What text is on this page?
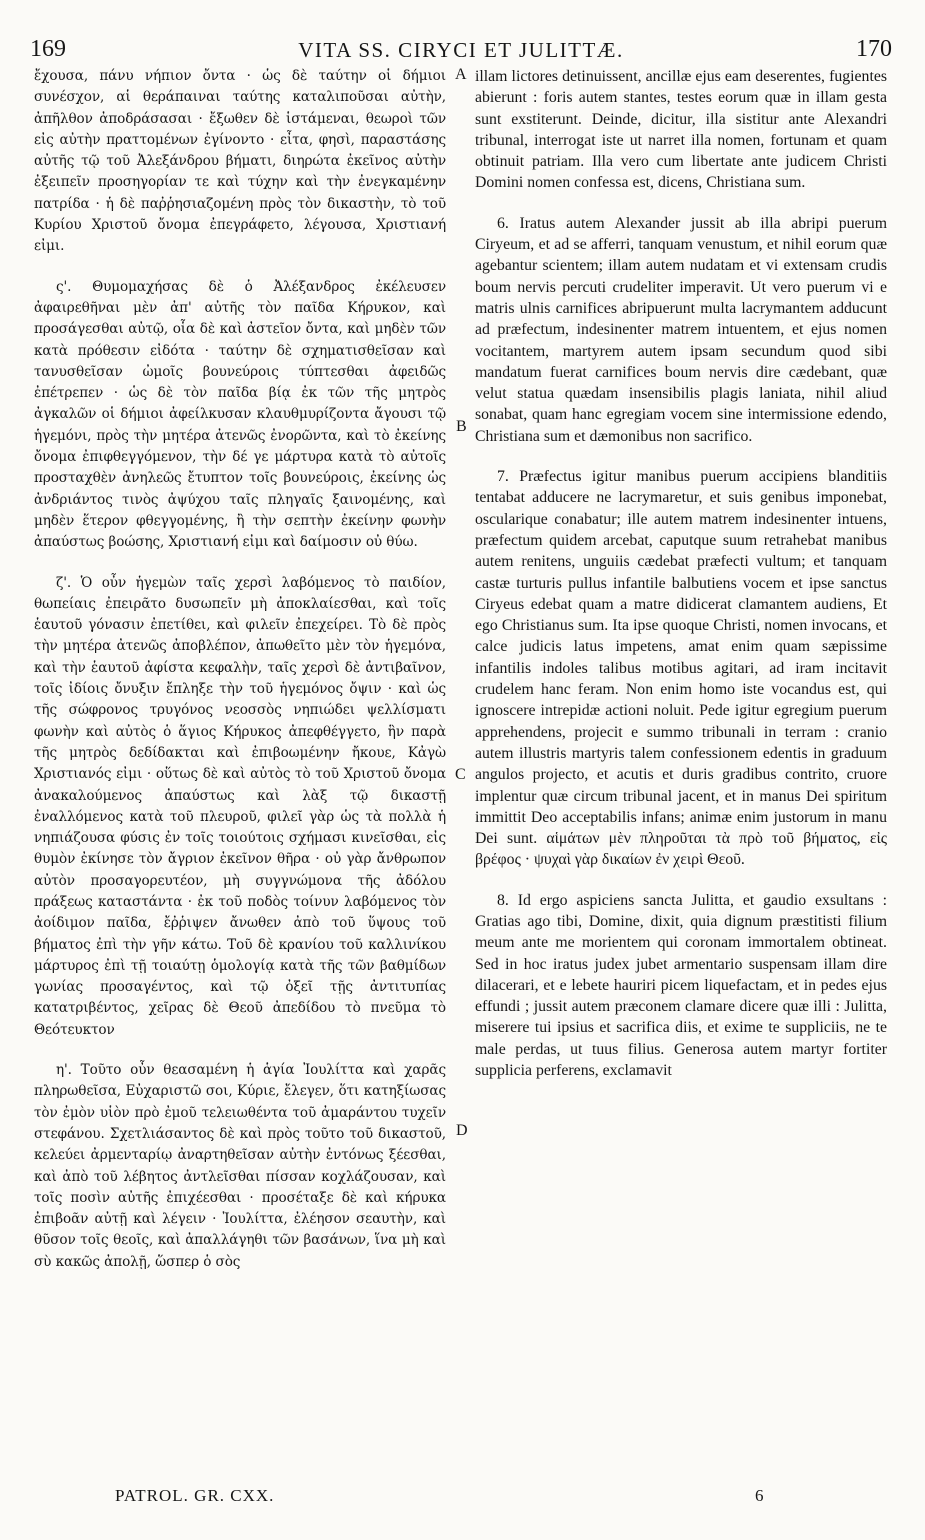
169	VITA SS. CIRYCI ET JULITTÆ.	170

ἔχουσα, πάνυ νήπιον ὄντα · ὡς δὲ ταύτην οἱ δήμιοι συνέσχον, αἱ θεράπαιναι ταύτης καταλιποῦσαι αὐτὴν, ἀπῆλθον ἀποδράσασαι · ἔξωθεν δὲ ἱστάμεναι, θεωροὶ τῶν εἰς αὐτὴν πραττομένων ἐγίνοντο · εἶτα, φησὶ, παραστάσης αὐτῆς τῷ τοῦ Ἀλεξάνδρου βήματι, διηρώτα ἐκεῖνος αὐτὴν ἐξειπεῖν προσηγορίαν τε καὶ τύχην καὶ τὴν ἐνεγκαμένην πατρίδα · ἡ δὲ παῤῥησιαζομένη πρὸς τὸν δικαστὴν, τὸ τοῦ Κυρίου Χριστοῦ ὄνομα ἐπεγράφετο, λέγουσα, Χριστιανή εἰμι.

ς'. Θυμομαχήσας δὲ ὁ Ἀλέξανδρος ἐκέλευσεν ἀφαιρεθῆναι μὲν ἀπ' αὐτῆς τὸν παῖδα Κήρυκον, καὶ προσάγεσθαι αὐτῷ, οἷα δὲ καὶ ἀστεῖον ὄντα, καὶ μηδὲν τῶν κατὰ πρόθεσιν εἰδότα · ταύτην δὲ σχηματισθεῖσαν καὶ τανυσθεῖσαν ὠμοῖς βουνεύροις τύπτεσθαι ἀφειδῶς ἐπέτρεπεν · ὡς δὲ τὸν παῖδα βίᾳ ἐκ τῶν τῆς μητρὸς ἀγκαλῶν οἱ δήμιοι ἀφείλκυσαν κλαυθμυρίζοντα ἄγουσι τῷ ἡγεμόνι, πρὸς τὴν μητέρα ἀτενῶς ἐνορῶντα, καὶ τὸ ἐκείνης ὄνομα ἐπιφθεγγόμενον, τὴν δέ γε μάρτυρα κατὰ τὸ αὐτοῖς προσταχθὲν ἀνηλεῶς ἔτυπτον τοῖς βουνεύροις, ἐκείνης ὡς ἀνδριάντος τινὸς ἀψύχου ταῖς πληγαῖς ξαινομένης, καὶ μηδὲν ἕτερον φθεγγομένης, ἢ τὴν σεπτὴν ἐκείνην φωνὴν ἀπαύστως βοώσης, Χριστιανή εἰμι καὶ δαίμοσιν οὐ θύω.

ζ'. Ὁ οὖν ἡγεμὼν ταῖς χερσὶ λαβόμενος τὸ παιδίον, θωπείαις ἐπειρᾶτο δυσωπεῖν μὴ ἀποκλαίεσθαι, καὶ τοῖς ἑαυτοῦ γόνασιν ἐπετίθει, καὶ φιλεῖν ἐπεχείρει. Τὸ δὲ πρὸς τὴν μητέρα ἀτενῶς ἀποβλέπον, ἀπωθεῖτο μὲν τὸν ἡγεμόνα, καὶ τὴν ἑαυτοῦ ἀφίστα κεφαλὴν, ταῖς χερσὶ δὲ ἀντιβαῖνον, τοῖς ἰδίοις ὄνυξιν ἔπληξε τὴν τοῦ ἡγεμόνος ὄψιν · καὶ ὡς τῆς σώφρονος τρυγόνος νεοσσὸς νηπιώδει ψελλίσματι φωνὴν καὶ αὐτὸς ὁ ἅγιος Κήρυκος ἀπεφθέγγετο, ἣν παρὰ τῆς μητρὸς δεδίδακται καὶ ἐπιβοωμένην ἤκουε, Κἀγὼ Χριστιανός εἰμι · οὕτως δὲ καὶ αὐτὸς τὸ τοῦ Χριστοῦ ὄνομα ἀνακαλούμενος ἀπαύστως καὶ λὰξ τῷ δικαστῇ ἐναλλόμενος κατὰ τοῦ πλευροῦ, φιλεῖ γὰρ ὡς τὰ πολλὰ ἡ νηπιάζουσα φύσις ἐν τοῖς τοιούτοις σχήμασι κινεῖσθαι, εἰς θυμὸν ἐκίνησε τὸν ἄγριον ἐκεῖνον θῆρα · οὐ γὰρ ἄνθρωπον αὐτὸν προσαγορευτέον, μὴ συγγνώμονα τῆς ἀδόλου πράξεως καταστάντα · ἐκ τοῦ ποδὸς τοίνυν λαβόμενος τὸν ἀοίδιμον παῖδα, ἔῤῥιψεν ἄνωθεν ἀπὸ τοῦ ὕψους τοῦ βήματος ἐπὶ τὴν γῆν κάτω. Τοῦ δὲ κρανίου τοῦ καλλινίκου μάρτυρος ἐπὶ τῇ τοιαύτῃ ὁμολογίᾳ κατὰ τῆς τῶν βαθμίδων γωνίας προσαγέντος, καὶ τῷ ὀξεῖ τῇς ἀντιτυπίας κατατριβέντος, χεῖρας δὲ Θεοῦ ἀπεδίδου τὸ πνεῦμα τὸ Θεότευκτον

η'. Τοῦτο οὖν θεασαμένη ἡ ἁγία Ἰουλίττα καὶ χαρᾶς πληρωθεῖσα, Εὐχαριστῶ σοι, Κύριε, ἔλεγεν, ὅτι κατηξίωσας τὸν ἐμὸν υἱὸν πρὸ ἐμοῦ τελειωθέντα τοῦ ἀμαράντου τυχεῖν στεφάνου. Σχετλιάσαντος δὲ καὶ πρὸς τοῦτο τοῦ δικαστοῦ, κελεύει ἀρμενταρίῳ ἀναρτηθεῖσαν αὐτὴν ἐντόνως ξέεσθαι, καὶ ἀπὸ τοῦ λέβητος ἀντλεῖσθαι πίσσαν κοχλάζουσαν, καὶ τοῖς ποσὶν αὐτῆς ἐπιχέεσθαι · προσέταξε δὲ καὶ κήρυκα ἐπιβοᾶν αὐτῇ καὶ λέγειν · Ἰουλίττα, ἐλέησον σεαυτὴν, καὶ θῦσον τοῖς θεοῖς, καὶ ἀπαλλάγηθι τῶν βασάνων, ἵνα μὴ καὶ σὺ κακῶς ἀπολῇ, ὥσπερ ὁ σὸς

A
B
C
D

illam lictores detinuissent, ancillæ ejus eam deserentes, fugientes abierunt : foris autem stantes, testes eorum quæ in illam gesta sunt exstiterunt. Deinde, dicitur, illa sistitur ante Alexandri tribunal, interrogat iste ut narret illa nomen, fortunam et quam obtinuit patriam. Illa vero cum libertate ante judicem Christi Domini nomen confessa est, dicens, Christiana sum.

6. Iratus autem Alexander jussit ab illa abripi puerum Ciryeum, et ad se afferri, tanquam venustum, et nihil eorum quæ agebantur scientem; illam autem nudatam et vi extensam crudis boum nervis percuti crudeliter imperavit. Ut vero puerum vi e matris ulnis carnifices abripuerunt multa lacrymantem adducunt ad præfectum, indesinenter matrem intuentem, et ejus nomen vocitantem, martyrem autem ipsam secundum quod sibi mandatum fuerat carnifices boum nervis dire cædebant, quæ velut statua quædam insensibilis plagis laniata, nihil aliud sonabat, quam hanc egregiam vocem sine intermissione edendo, Christiana sum et dæmonibus non sacrifico.

7. Præfectus igitur manibus puerum accipiens blanditiis tentabat adducere ne lacrymaretur, et suis genibus imponebat, oscularique conabatur; ille autem matrem indesinenter intuens, præfectum quidem arcebat, caputque suum retrahebat manibus autem renitens, unguiis cædebat præfecti vultum; et tanquam castæ turturis pullus infantile balbutiens vocem et ipse sanctus Ciryeus edebat quam a matre didicerat clamantem audiens, Et ego Christianus sum. Ita ipse quoque Christi, nomen invocans, et calce judicis latus impetens, amat enim quam sæpissime infantilis indoles talibus motibus agitari, ad iram incitavit crudelem hanc feram. Non enim homo iste vocandus est, qui ignoscere intrepidæ actioni noluit. Pede igitur egregium puerum apprehendens, projecit e summo tribunali in terram : cranio autem illustris martyris talem confessionem edentis in graduum angulos projecto, et acutis et duris gradibus contrito, cruore implentur quæ circum tribunal jacent, et in manus Dei spiritum immittit Deo acceptabilis infans; animæ enim justorum in manu Dei sunt. αἱμάτων μὲν πληροῦται τὰ πρὸ τοῦ βήματος, εἰς βρέφος · ψυχαὶ γὰρ δικαίων ἐν χειρὶ Θεοῦ.

8. Id ergo aspiciens sancta Julitta, et gaudio exsultans : Gratias ago tibi, Domine, dixit, quia dignum præstitisti filium meum ante me morientem qui coronam immortalem obtineat. Sed in hoc iratus judex jubet armentario suspensam illam dire dilacerari, et e lebete hauriri picem liquefactam, et in pedes ejus effundi ; jussit autem præconem clamare dicere quæ illi : Julitta, miserere tui ipsius et sacrifica diis, et exime te suppliciis, ne te male perdas, ut tuus filius. Generosa autem martyr fortiter supplicia perferens, exclamavit

PATROL. GR. CXX.	6
